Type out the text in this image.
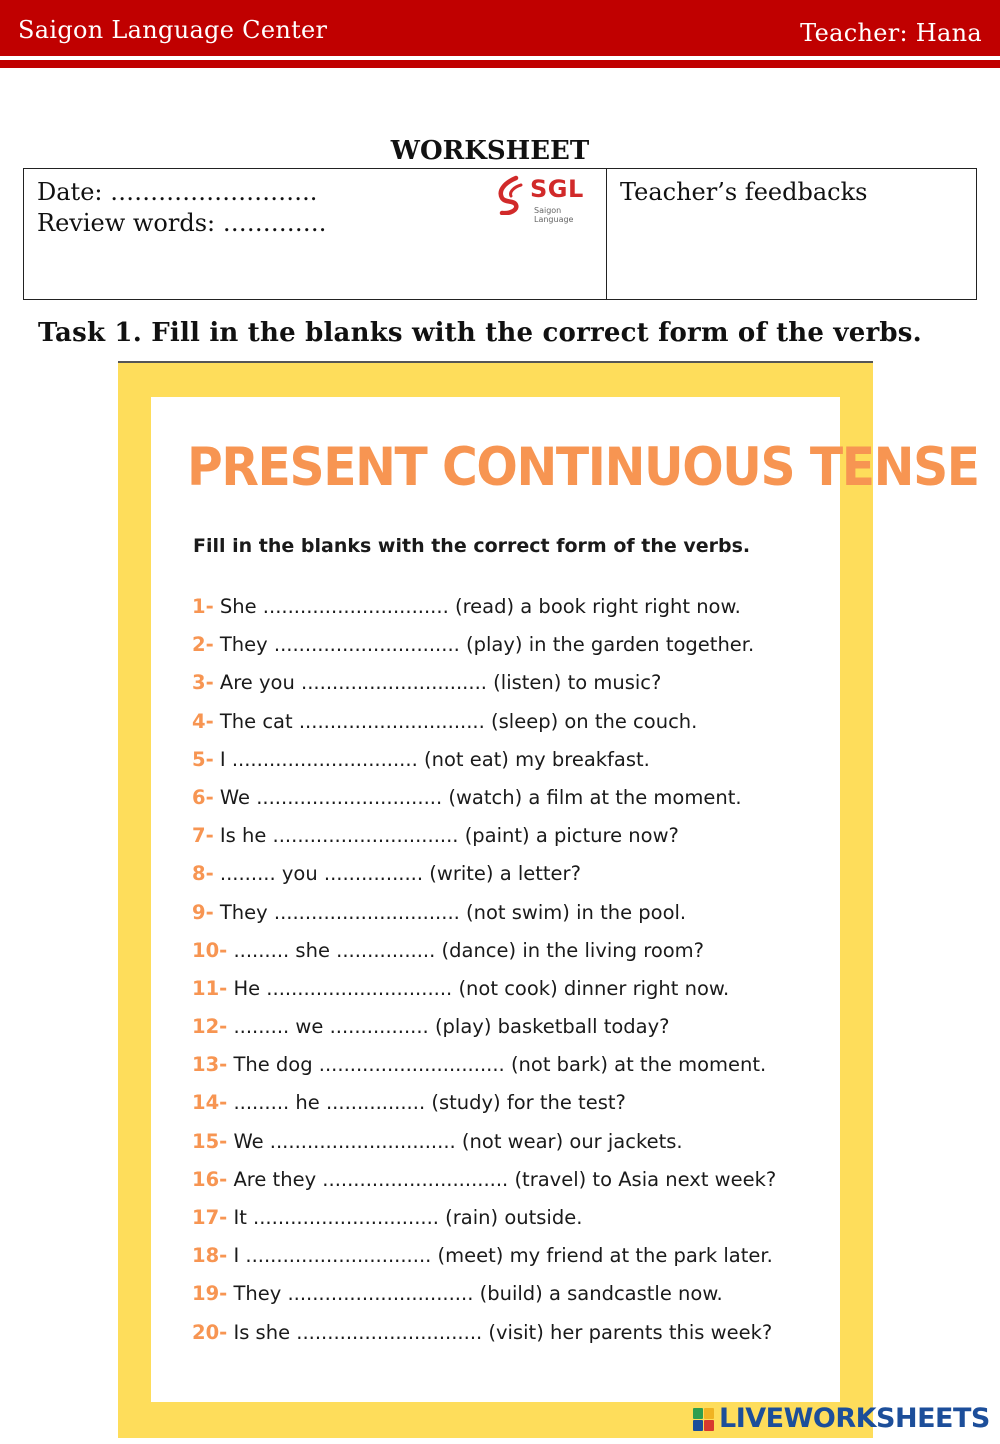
Saigon Language Center	Teacher: Hana
WORKSHEET
Date: ……………………..
Review words: ………….
SGL
Saigon Language
Teacher’s feedbacks
Task 1. Fill in the blanks with the correct form of the verbs.
PRESENT CONTINUOUS TENSE
Fill in the blanks with the correct form of the verbs.
1- She .............................. (read) a book right right now.
2- They .............................. (play) in the garden together.
3- Are you .............................. (listen) to music?
4- The cat .............................. (sleep) on the couch.
5- I .............................. (not eat) my breakfast.
6- We .............................. (watch) a film at the moment.
7- Is he .............................. (paint) a picture now?
8- ......... you ................ (write) a letter?
9- They .............................. (not swim) in the pool.
10- ......... she ................ (dance) in the living room?
11- He .............................. (not cook) dinner right now.
12- ......... we ................ (play) basketball today?
13- The dog .............................. (not bark) at the moment.
14- ......... he ................ (study) for the test?
15- We .............................. (not wear) our jackets.
16- Are they .............................. (travel) to Asia next week?
17- It .............................. (rain) outside.
18- I .............................. (meet) my friend at the park later.
19- They .............................. (build) a sandcastle now.
20- Is she .............................. (visit) her parents this week?
LIVEWORKSHEETS
